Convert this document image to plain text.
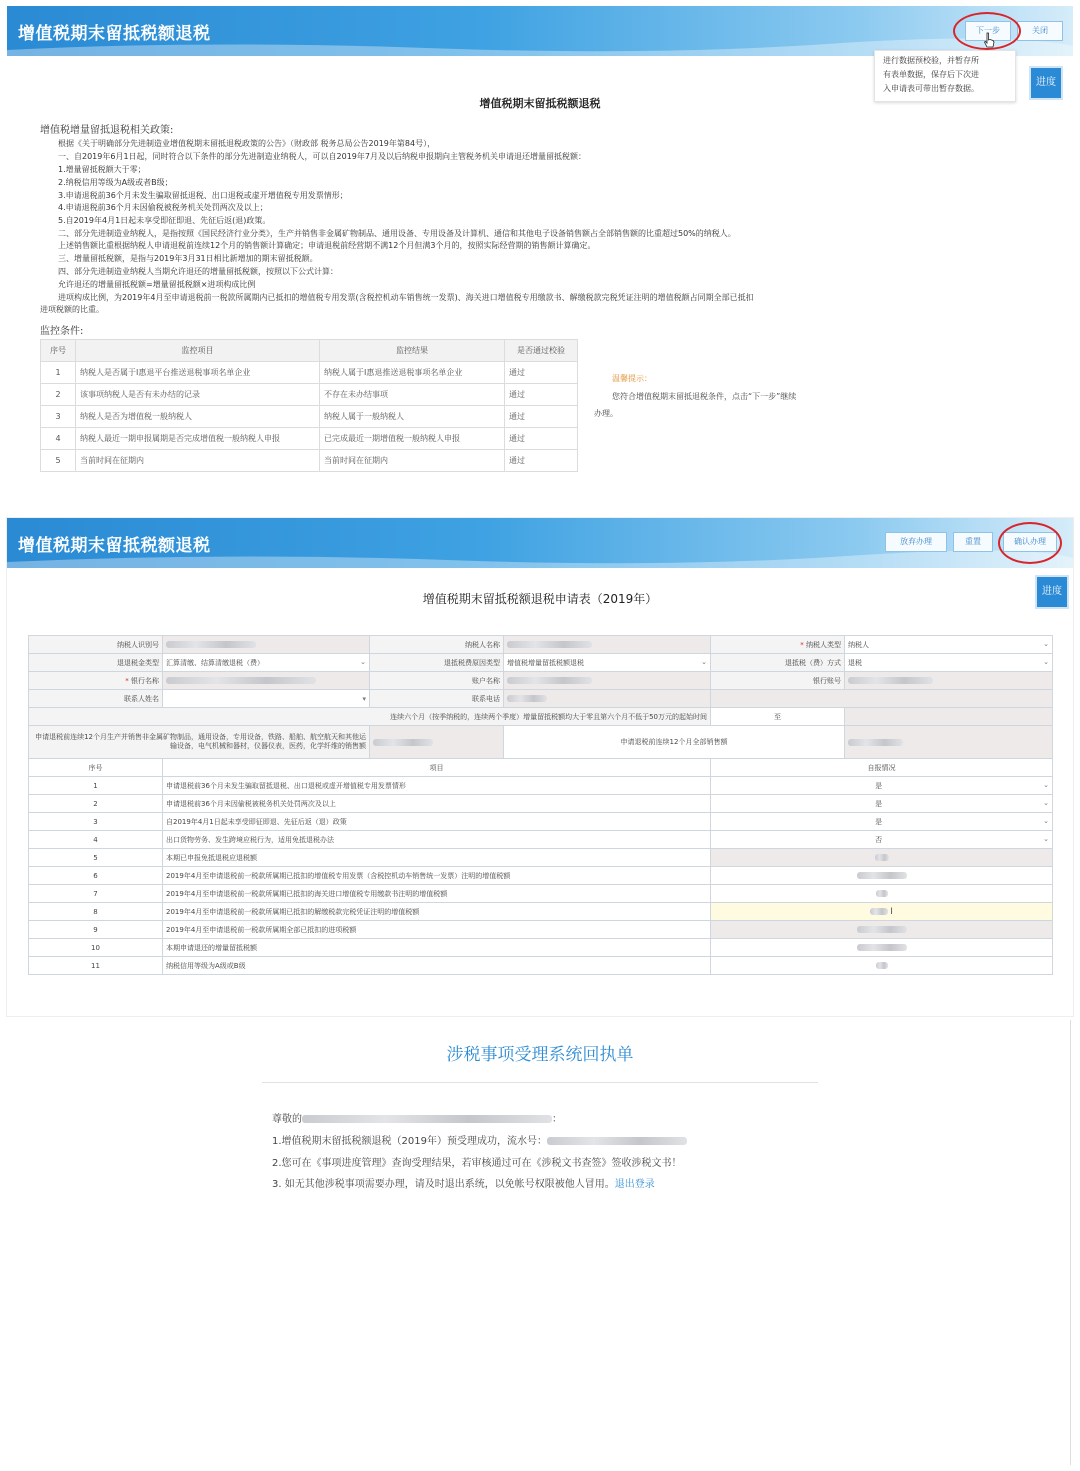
增值税期末留抵税额退税	下一步	关闭
进行数据预校验，并暂存所
有表单数据，保存后下次进
入申请表可带出暂存数据。
进度
增值税期末留抵税额退税
增值税增量留抵退税相关政策:
根据《关于明确部分先进制造业增值税期末留抵退税政策的公告》（财政部 税务总局公告2019年第84号），
一、自2019年6月1日起，同时符合以下条件的部分先进制造业纳税人，可以自2019年7月及以后纳税申报期向主管税务机关申请退还增量留抵税额：
1.增量留抵税额大于零；
2.纳税信用等级为A级或者B级；
3.申请退税前36个月未发生骗取留抵退税、出口退税或虚开增值税专用发票情形；
4.申请退税前36个月未因偷税被税务机关处罚两次及以上；
5.自2019年4月1日起未享受即征即退、先征后返(退)政策。
二、部分先进制造业纳税人，是指按照《国民经济行业分类》，生产并销售非金属矿物制品、通用设备、专用设备及计算机、通信和其他电子设备销售额占全部销售额的比重超过50%的纳税人。
上述销售额比重根据纳税人申请退税前连续12个月的销售额计算确定；申请退税前经营期不满12个月但满3个月的，按照实际经营期的销售额计算确定。
三、增量留抵税额，是指与2019年3月31日相比新增加的期末留抵税额。
四、部分先进制造业纳税人当期允许退还的增量留抵税额，按照以下公式计算：
允许退还的增量留抵税额=增量留抵税额×进项构成比例
进项构成比例，为2019年4月至申请退税前一税款所属期内已抵扣的增值税专用发票(含税控机动车销售统一发票)、海关进口增值税专用缴款书、解缴税款完税凭证注明的增值税额占同期全部已抵扣
进项税额的比重。
监控条件:
序号	监控项目	监控结果	是否通过校验
1	纳税人是否属于I惠退平台推送退税事项名单企业	纳税人属于I惠退推送退税事项名单企业	通过
2	该事项纳税人是否有未办结的记录	不存在未办结事项	通过
3	纳税人是否为增值税一般纳税人	纳税人属于一般纳税人	通过
4	纳税人最近一期申报属期是否完成增值税一般纳税人申报	已完成最近一期增值税一般纳税人申报	通过
5	当前时间在征期内	当前时间在征期内	通过
温馨提示：
您符合增值税期末留抵退税条件，点击“下一步”继续
办理。
增值税期末留抵税额退税	放弃办理	重置	确认办理
进度
增值税期末留抵税额退税申请表（2019年）
纳税人识别号		纳税人名称		* 纳税人类型	纳税人 ⌄

退退税金类型	汇算清缴、结算清缴退税（费） ⌄	退抵税费原因类型	增值税增量留抵税额退税 ⌄	退抵税（费）方式	退税 ⌄

* 银行名称		账户名称		银行账号	
联系人姓名	▾	联系电话			
连续六个月（按季纳税的，连续两个季度）增量留抵税额均大于零且第六个月不低于50万元的起始时间				至	
申请退税前连续12个月生产并销售非金属矿物制品，通用设备，专用设备，铁路、船舶、航空航天和其他运输设备，电气机械和器材，仪器仪表，医药，化学纤维的销售额			申请退税前连续12个月全部销售额		
序号	项目			自报情况	
1	申请退税前36个月未发生骗取留抵退税、出口退税或虚开增值税专用发票情形			是 ⌄	

2	申请退税前36个月未因偷税被税务机关处罚两次及以上			是 ⌄	

3	自2019年4月1日起未享受即征即退、先征后返（退）政策			是 ⌄	

4	出口货物劳务、发生跨境应税行为，适用免抵退税办法			否 ⌄	

5	本期已申报免抵退税应退税额				
6	2019年4月至申请退税前一税款所属期已抵扣的增值税专用发票（含税控机动车销售统一发票）注明的增值税额				
7	2019年4月至申请退税前一税款所属期已抵扣的海关进口增值税专用缴款书注明的增值税额				
8	2019年4月至申请退税前一税款所属期已抵扣的解缴税款完税凭证注明的增值税额			I	
9	2019年4月至申请退税前一税款所属期全部已抵扣的进项税额				
10	本期申请退还的增量留抵税额				
11	纳税信用等级为A级或B级				
涉税事项受理系统回执单
尊敬的	：
1.增值税期末留抵税额退税（2019年）预受理成功，流水号：
2.您可在《事项进度管理》查询受理结果，若审核通过可在《涉税文书查签》签收涉税文书！
3. 如无其他涉税事项需要办理，请及时退出系统，以免帐号权限被他人冒用。退出登录
